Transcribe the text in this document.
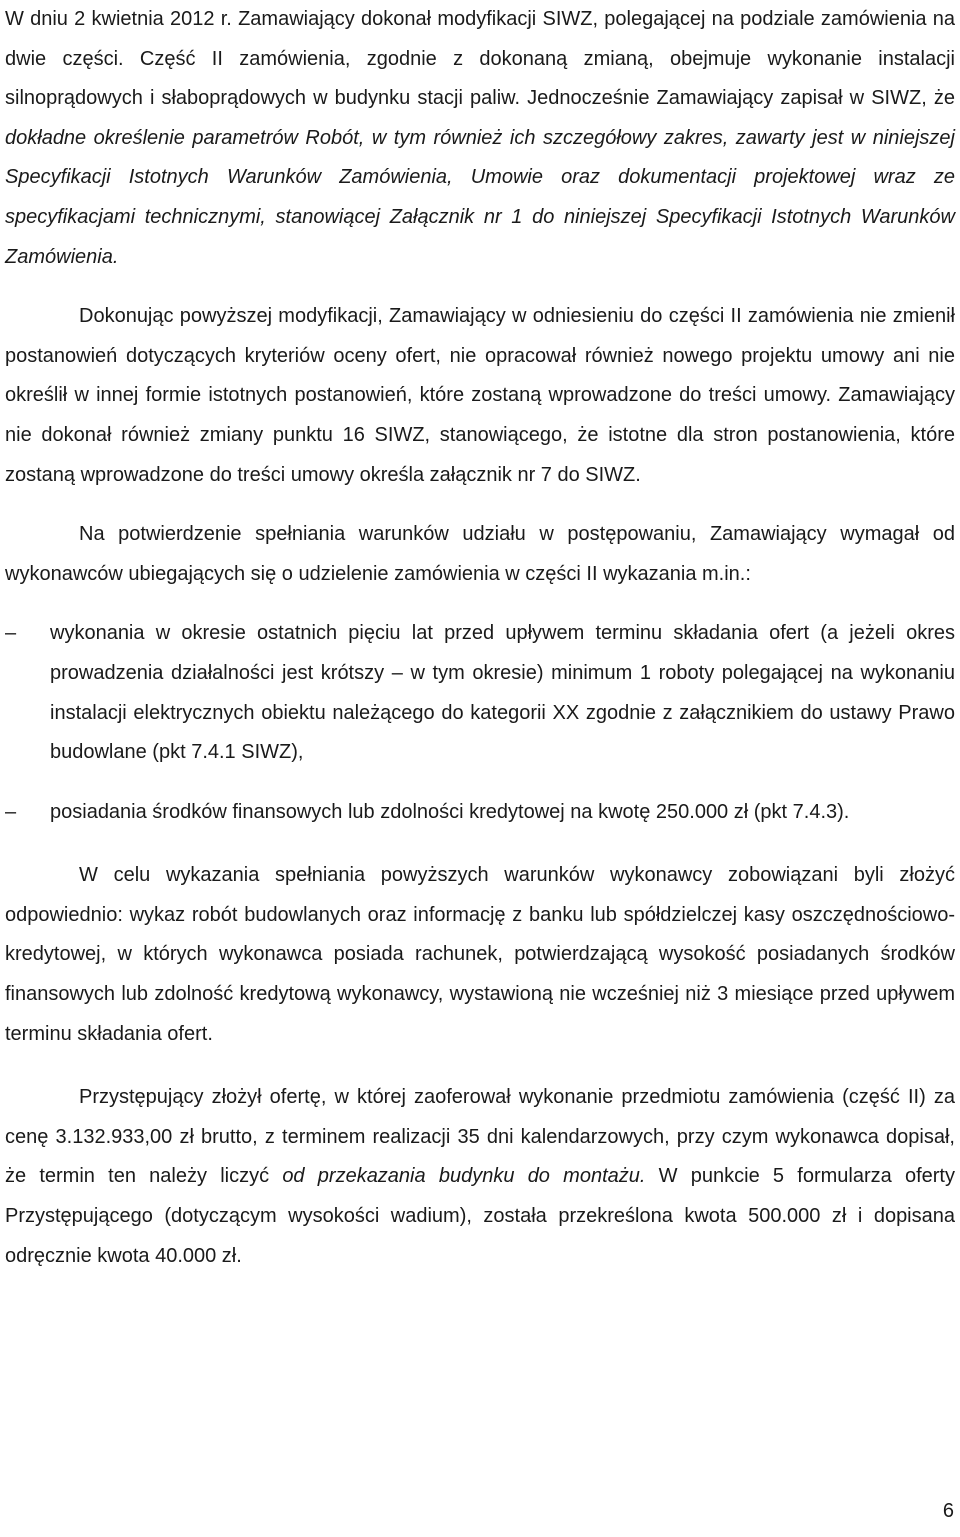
W dniu 2 kwietnia 2012 r. Zamawiający dokonał modyfikacji SIWZ, polegającej na podziale zamówienia na dwie części. Część II zamówienia, zgodnie z dokonaną zmianą, obejmuje wykonanie instalacji silnoprądowych i słaboprądowych w budynku stacji paliw. Jednocześnie Zamawiający zapisał w SIWZ, że dokładne określenie parametrów Robót, w tym również ich szczegółowy zakres, zawarty jest w niniejszej Specyfikacji Istotnych Warunków Zamówienia, Umowie oraz dokumentacji projektowej wraz ze specyfikacjami technicznymi, stanowiącej Załącznik nr 1 do niniejszej Specyfikacji Istotnych Warunków Zamówienia.

Dokonując powyższej modyfikacji, Zamawiający w odniesieniu do części II zamówienia nie zmienił postanowień dotyczących kryteriów oceny ofert, nie opracował również nowego projektu umowy ani nie określił w innej formie istotnych postanowień, które zostaną wprowadzone do treści umowy. Zamawiający nie dokonał również zmiany punktu 16 SIWZ, stanowiącego, że istotne dla stron postanowienia, które zostaną wprowadzone do treści umowy określa załącznik nr 7 do SIWZ.

Na potwierdzenie spełniania warunków udziału w postępowaniu, Zamawiający wymagał od wykonawców ubiegających się o udzielenie zamówienia w części II wykazania m.in.:

– wykonania w okresie ostatnich pięciu lat przed upływem terminu składania ofert (a jeżeli okres prowadzenia działalności jest krótszy – w tym okresie) minimum 1 roboty polegającej na wykonaniu instalacji elektrycznych obiektu należącego do kategorii XX zgodnie z załącznikiem do ustawy Prawo budowlane (pkt 7.4.1 SIWZ),
– posiadania środków finansowych lub zdolności kredytowej na kwotę 250.000 zł (pkt 7.4.3).

W celu wykazania spełniania powyższych warunków wykonawcy zobowiązani byli złożyć odpowiednio: wykaz robót budowlanych oraz informację z banku lub spółdzielczej kasy oszczędnościowo-kredytowej, w których wykonawca posiada rachunek, potwierdzającą wysokość posiadanych środków finansowych lub zdolność kredytową wykonawcy, wystawioną nie wcześniej niż 3 miesiące przed upływem terminu składania ofert.

Przystępujący złożył ofertę, w której zaoferował wykonanie przedmiotu zamówienia (część II) za cenę 3.132.933,00 zł brutto, z terminem realizacji 35 dni kalendarzowych, przy czym wykonawca dopisał, że termin ten należy liczyć od przekazania budynku do montażu. W punkcie 5 formularza oferty Przystępującego (dotyczącym wysokości wadium), została przekreślona kwota 500.000 zł i dopisana odręcznie kwota 40.000 zł.

6
